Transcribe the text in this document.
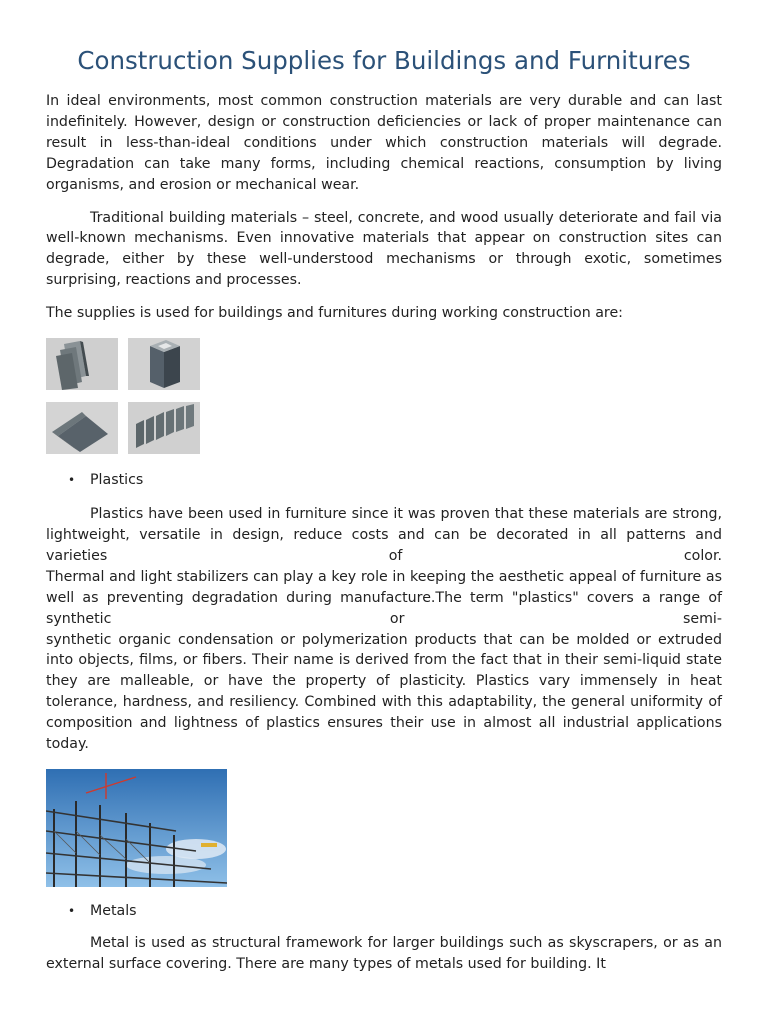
Construction Supplies for Buildings and Furnitures

In ideal environments, most common construction materials are very durable and can last indefinitely. However, design or construction deficiencies or lack of proper maintenance can result in less-than-ideal conditions under which construction materials will degrade. Degradation can take many forms, including chemical reactions, consumption by living organisms, and erosion or mechanical wear.

Traditional building materials – steel, concrete, and wood usually deteriorate and fail via well-known mechanisms. Even innovative materials that appear on construction sites can degrade, either by these well-understood mechanisms or through exotic, sometimes surprising, reactions and processes.

The supplies is used for buildings and furnitures during working construction are:

•	Plastics

Plastics have been used in furniture since it was proven that these materials are strong, lightweight, versatile in design, reduce costs and can be decorated in all patterns and varieties of color.

Thermal and light stabilizers can play a key role in keeping the aesthetic appeal of furniture as well as preventing degradation during manufacture.The term "plastics" covers a range of synthetic or semi-

synthetic organic condensation or polymerization products that can be molded or extruded into objects, films, or fibers. Their name is derived from the fact that in their semi-liquid state they are malleable, or have the property of plasticity. Plastics vary immensely in heat tolerance, hardness, and resiliency. Combined with this adaptability, the general uniformity of composition and lightness of plastics ensures their use in almost all industrial applications today.

•	Metals

Metal is used as structural framework for larger buildings such as skyscrapers, or as an external surface covering. There are many types of metals used for building. It
